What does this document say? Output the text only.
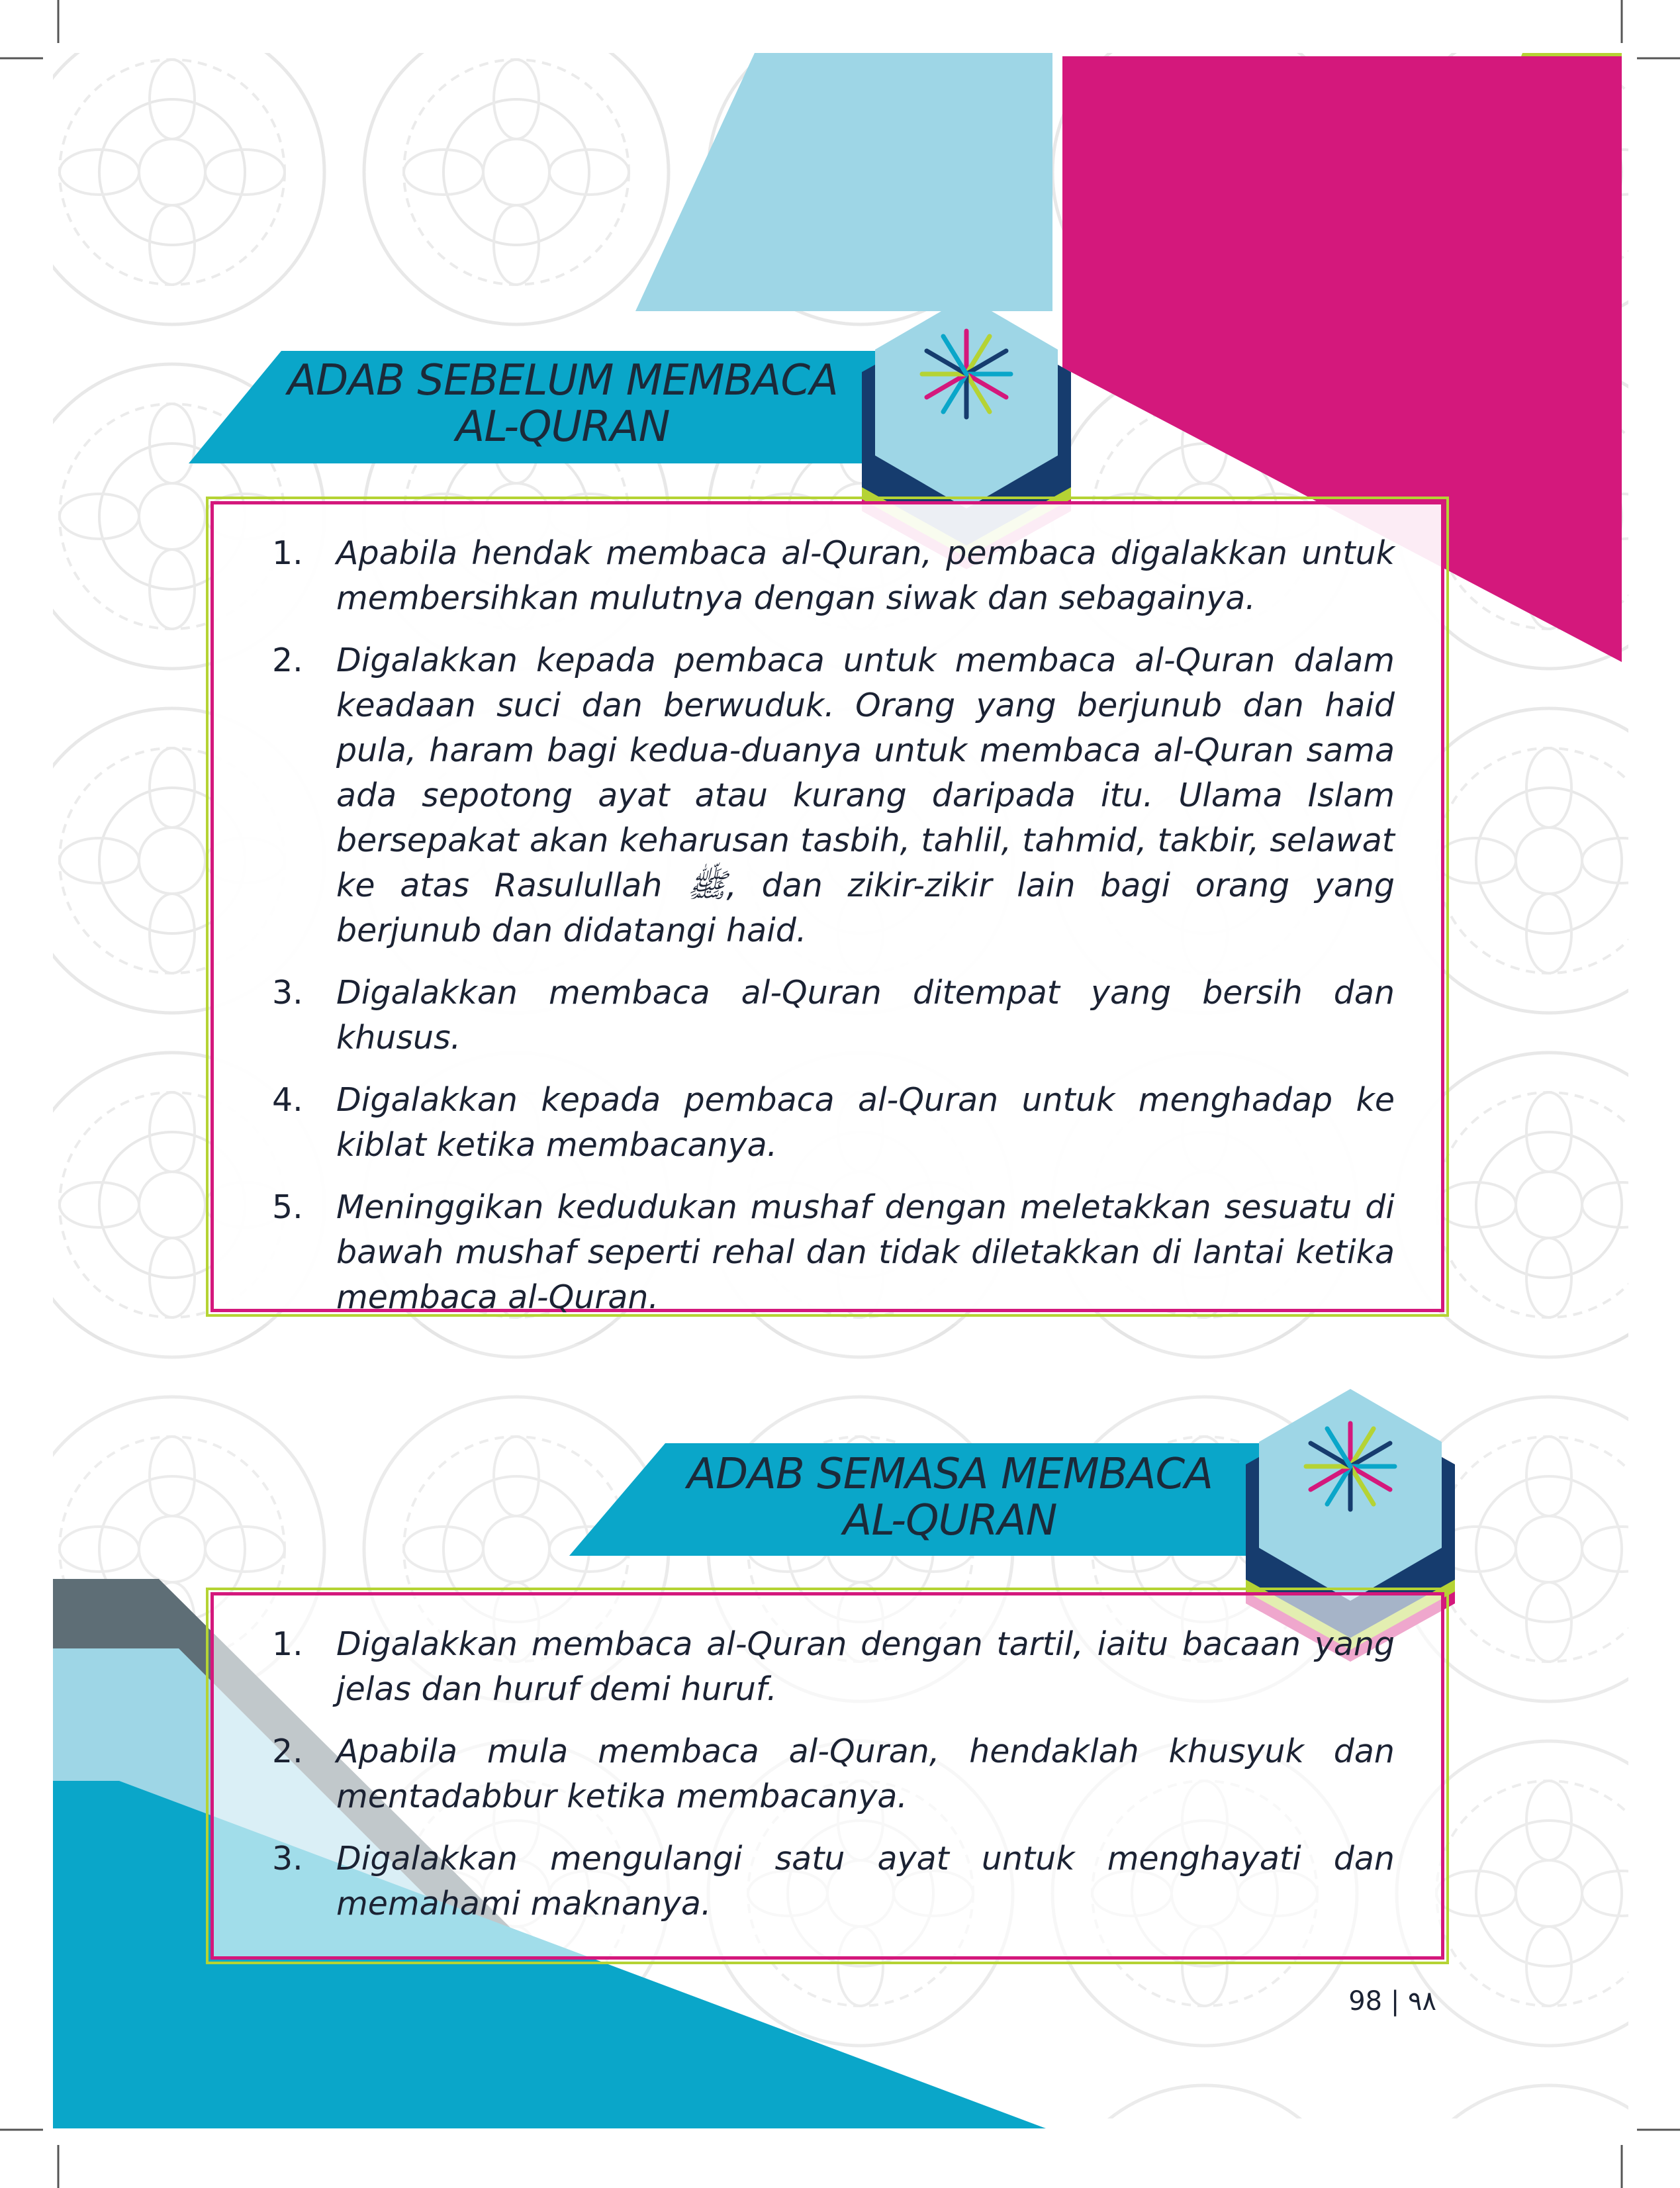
ADAB SEBELUM MEMBACA
AL-QURAN
1. Apabila hendak membaca al-Quran, pembaca digalakkan untuk membersihkan mulutnya dengan siwak dan sebagainya.
2. Digalakkan kepada pembaca untuk membaca al-Quran dalam keadaan suci dan berwuduk. Orang yang berjunub dan haid pula, haram bagi kedua-duanya untuk membaca al-Quran sama ada sepotong ayat atau kurang daripada itu. Ulama Islam bersepakat akan keharusan tasbih, tahlil, tahmid, takbir, selawat ke atas Rasulullah ﷺ, dan zikir-zikir lain bagi orang yang berjunub dan didatangi haid.
3. Digalakkan membaca al-Quran ditempat yang bersih dan khusus.
4. Digalakkan kepada pembaca al-Quran untuk menghadap ke kiblat ketika membacanya.
5. Meninggikan kedudukan mushaf dengan meletakkan sesuatu di bawah mushaf seperti rehal dan tidak diletakkan di lantai ketika membaca al-Quran.
ADAB SEMASA MEMBACA
AL-QURAN
1. Digalakkan membaca al-Quran dengan tartil, iaitu bacaan yang jelas dan huruf demi huruf.
2. Apabila mula membaca al-Quran, hendaklah khusyuk dan mentadabbur ketika membacanya.
3. Digalakkan mengulangi satu ayat untuk menghayati dan memahami maknanya.
98 | ٩٨
